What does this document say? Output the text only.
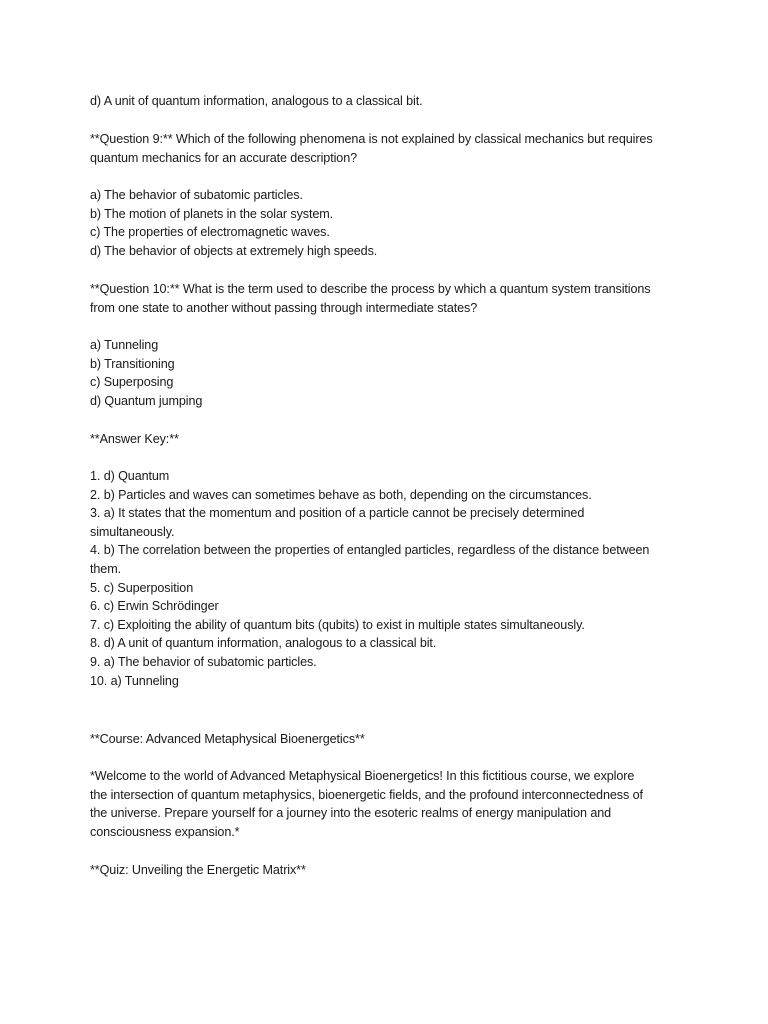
d) A unit of quantum information, analogous to a classical bit.
**Question 9:** Which of the following phenomena is not explained by classical mechanics but requires
quantum mechanics for an accurate description?
a) The behavior of subatomic particles.
b) The motion of planets in the solar system.
c) The properties of electromagnetic waves.
d) The behavior of objects at extremely high speeds.
**Question 10:** What is the term used to describe the process by which a quantum system transitions
from one state to another without passing through intermediate states?
a) Tunneling
b) Transitioning
c) Superposing
d) Quantum jumping
**Answer Key:**
1. d) Quantum
2. b) Particles and waves can sometimes behave as both, depending on the circumstances.
3. a) It states that the momentum and position of a particle cannot be precisely determined
simultaneously.
4. b) The correlation between the properties of entangled particles, regardless of the distance between
them.
5. c) Superposition
6. c) Erwin Schrödinger
7. c) Exploiting the ability of quantum bits (qubits) to exist in multiple states simultaneously.
8. d) A unit of quantum information, analogous to a classical bit.
9. a) The behavior of subatomic particles.
10. a) Tunneling
**Course: Advanced Metaphysical Bioenergetics**
*Welcome to the world of Advanced Metaphysical Bioenergetics! In this fictitious course, we explore
the intersection of quantum metaphysics, bioenergetic fields, and the profound interconnectedness of
the universe. Prepare yourself for a journey into the esoteric realms of energy manipulation and
consciousness expansion.*
**Quiz: Unveiling the Energetic Matrix**
